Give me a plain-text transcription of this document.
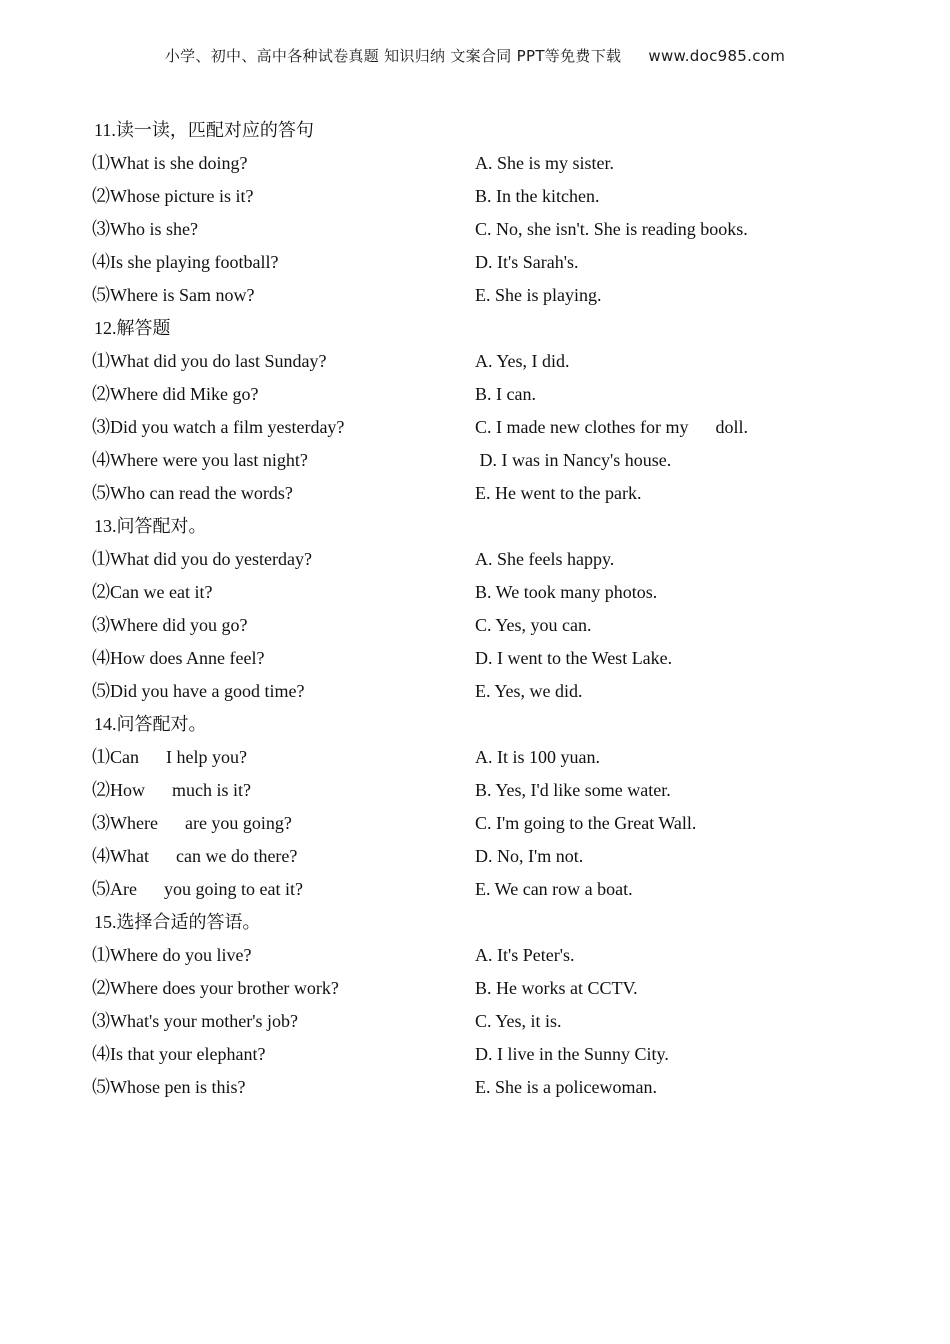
小学、初中、高中各种试卷真题 知识归纳 文案合同 PPT等免费下载 www.doc985.com
11.读一读，匹配对应的答句
⑴What is she doing?	A. She is my sister.
⑵Whose picture is it?	B. In the kitchen.
⑶Who is she?	C. No, she isn't. She is reading books.
⑷Is she playing football?	D. It's Sarah's.
⑸Where is Sam now?	E. She is playing.
12.解答题
⑴What did you do last Sunday?	A. Yes, I did.
⑵Where did Mike go?	B. I can.
⑶Did you watch a film yesterday?	C. I made new clothes for my      doll.
⑷Where were you last night?	D. I was in Nancy's house.
⑸Who can read the words?	E. He went to the park.
13.问答配对。
⑴What did you do yesterday?	A. She feels happy.
⑵Can we eat it?	B. We took many photos.
⑶Where did you go?	C. Yes, you can.
⑷How does Anne feel?	D. I went to the West Lake.
⑸Did you have a good time?	E. Yes, we did.
14.问答配对。
⑴Can      I help you?	A. It is 100 yuan.
⑵How      much is it?	B. Yes, I'd like some water.
⑶Where      are you going?	C. I'm going to the Great Wall.
⑷What      can we do there?	D. No, I'm not.
⑸Are      you going to eat it?	E. We can row a boat.
15.选择合适的答语。
⑴Where do you live?	A. It's Peter's.
⑵Where does your brother work?	B. He works at CCTV.
⑶What's your mother's job?	C. Yes, it is.
⑷Is that your elephant?	D. I live in the Sunny City.
⑸Whose pen is this?	E. She is a policewoman.
